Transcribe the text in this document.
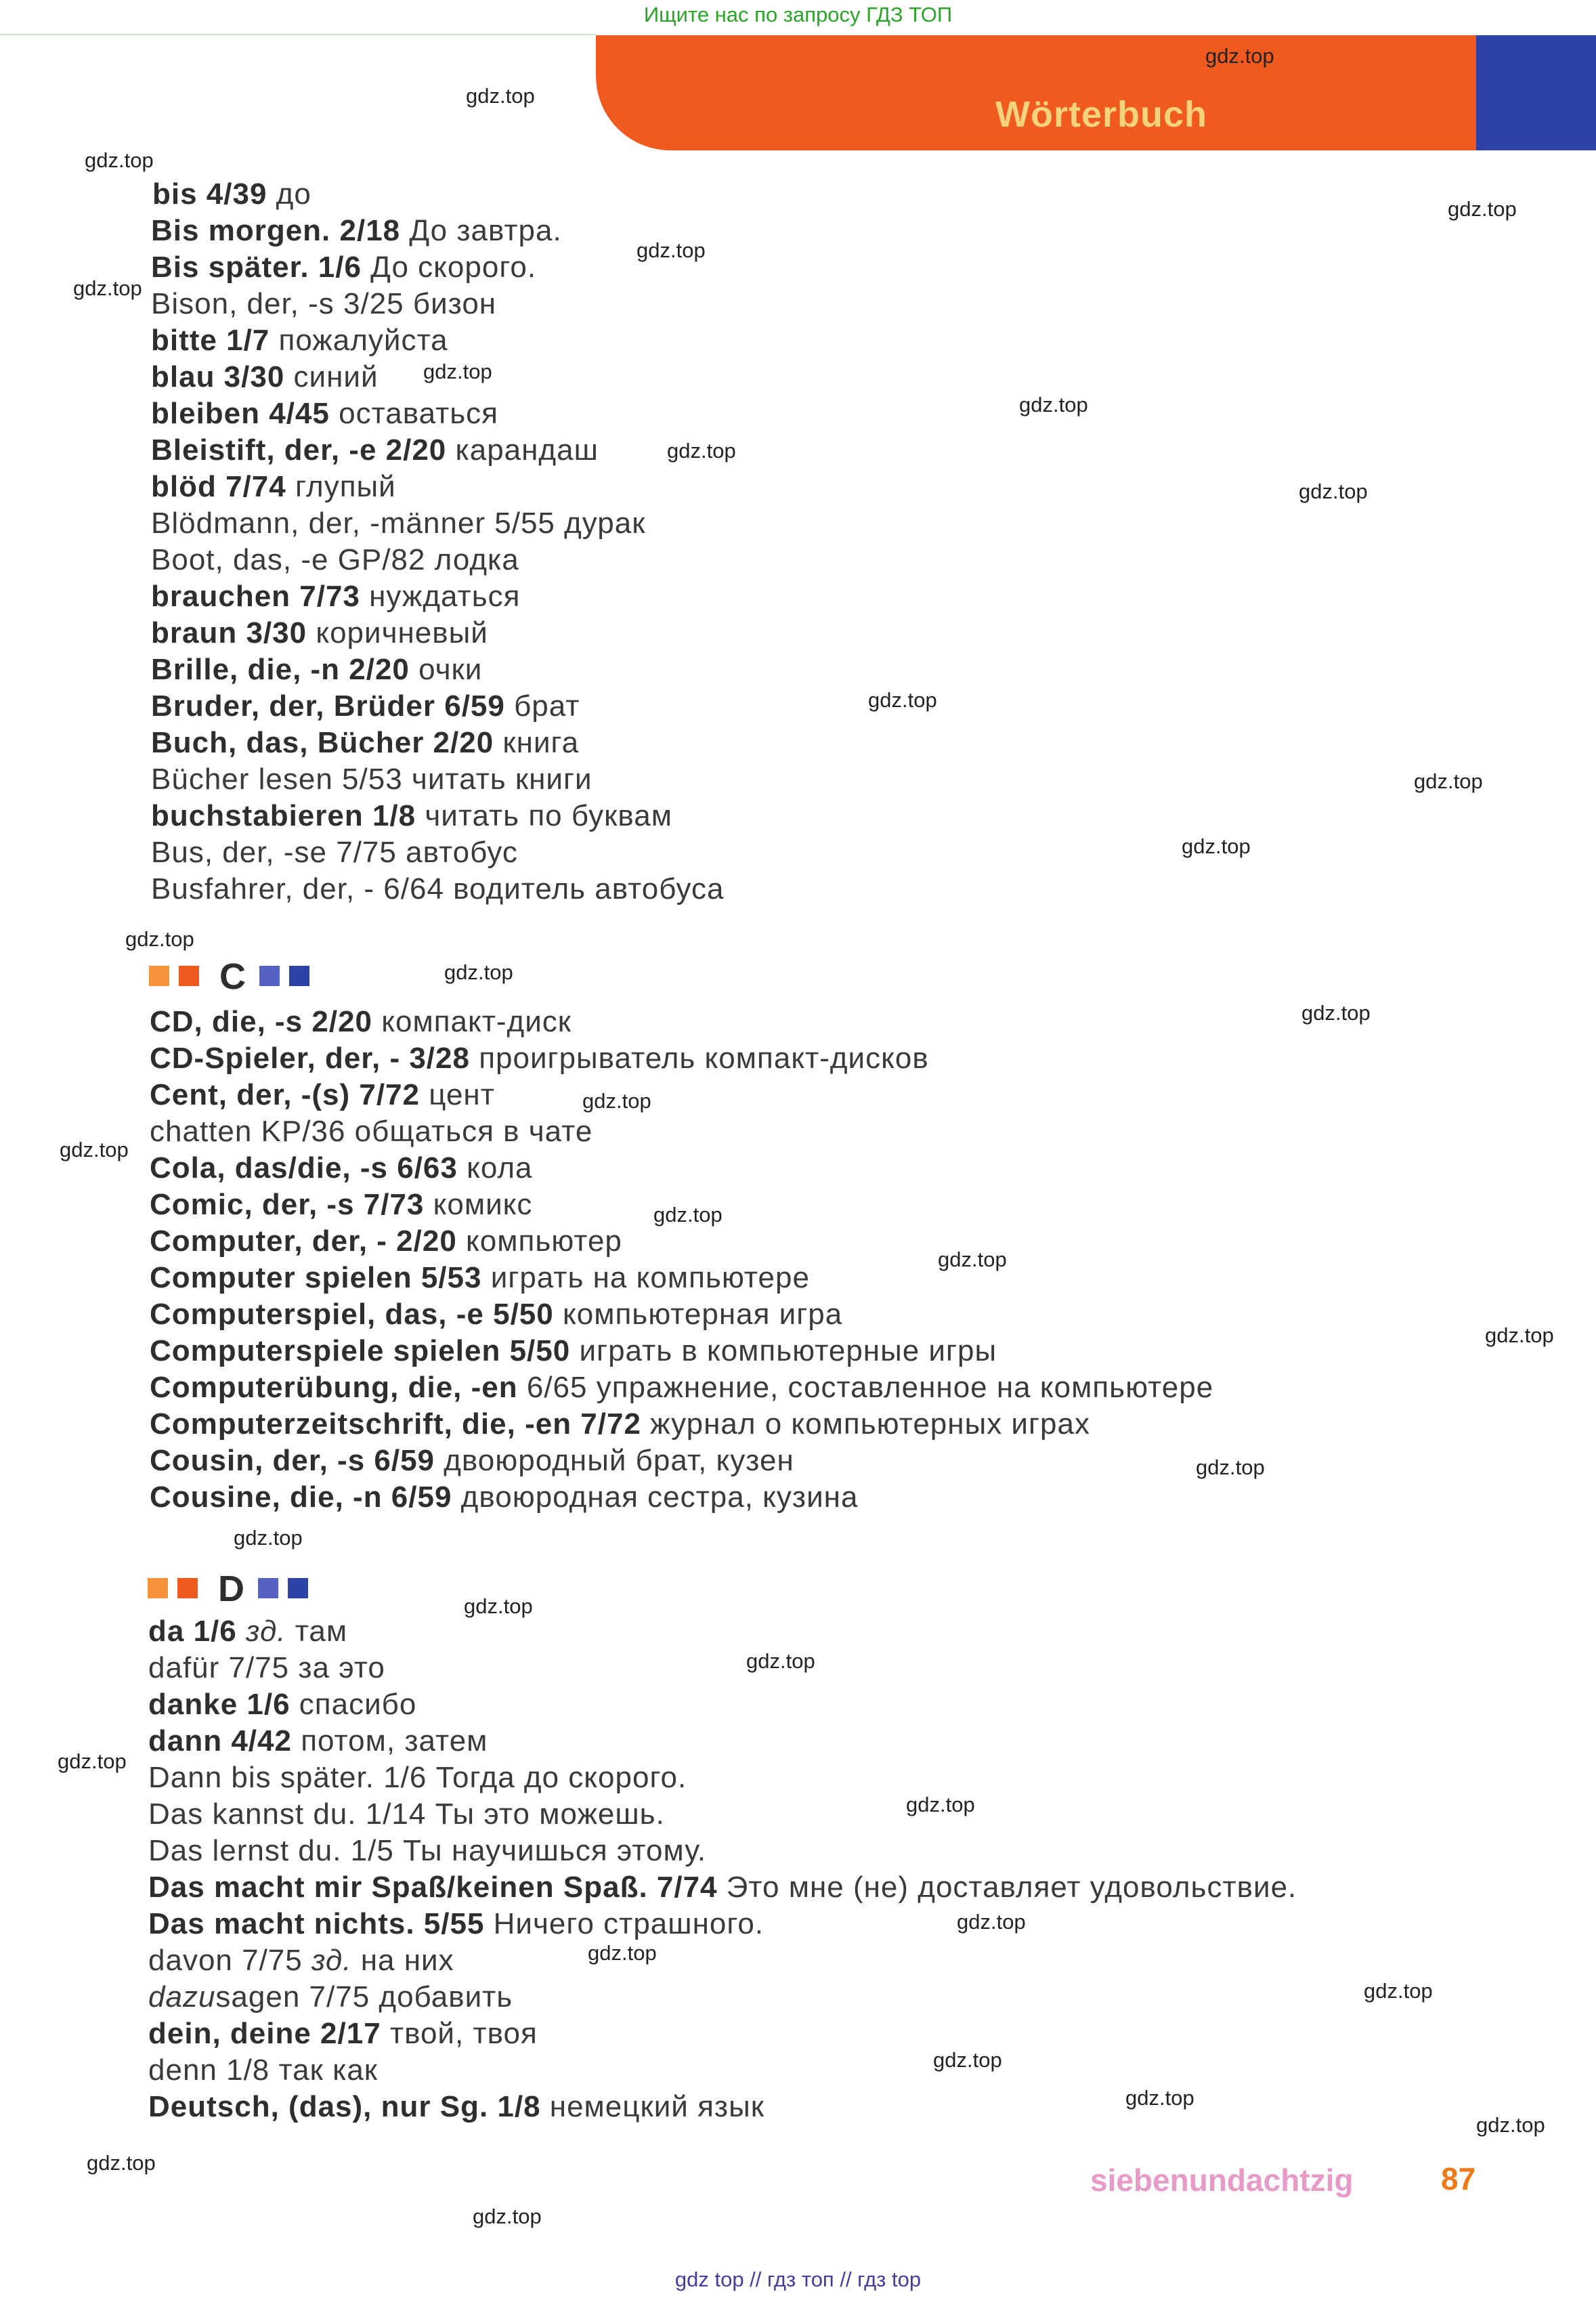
Ищите нас по запросу ГДЗ ТОП
Wörterbuch
bis 4/39 до
Bis morgen. 2/18 До завтра.
Bis später. 1/6 До скорого.
Bison, der, -s 3/25 бизон
bitte 1/7 пожалуйста
blau 3/30 синий
bleiben 4/45 оставаться
Bleistift, der, -e 2/20 карандаш
blöd 7/74 глупый
Blödmann, der, -männer 5/55 дурак
Boot, das, -e GP/82 лодка
brauchen 7/73 нуждаться
braun 3/30 коричневый
Brille, die, -n 2/20 очки
Bruder, der, Brüder 6/59 брат
Buch, das, Bücher 2/20 книга
Bücher lesen 5/53 читать книги
buchstabieren 1/8 читать по буквам
Bus, der, -se 7/75 автобус
Busfahrer, der, - 6/64 водитель автобуса
CD, die, -s 2/20 компакт-диск
CD-Spieler, der, - 3/28 проигрыватель компакт-дисков
Cent, der, -(s) 7/72 цент
chatten KP/36 общаться в чате
Cola, das/die, -s 6/63 кола
Comic, der, -s 7/73 комикс
Computer, der, - 2/20 компьютер
Computer spielen 5/53 играть на компьютере
Computerspiel, das, -e 5/50 компьютерная игра
Computerspiele spielen 5/50 играть в компьютерные игры
Computerübung, die, -en 6/65 упражнение, составленное на компьютере
Computerzeitschrift, die, -en 7/72 журнал о компьютерных играх
Cousin, der, -s 6/59 двоюродный брат, кузен
Cousine, die, -n 6/59 двоюродная сестра, кузина
da 1/6 зд. там
dafür 7/75 за это
danke 1/6 спасибо
dann 4/42 потом, затем
Dann bis später. 1/6 Тогда до скорого.
Das kannst du. 1/14 Ты это можешь.
Das lernst du. 1/5 Ты научишься этому.
Das macht mir Spaß/keinen Spaß. 7/74 Это мне (не) доставляет удовольствие.
Das macht nichts. 5/55 Ничего страшного.
davon 7/75 зд. на них
dazusagen 7/75 добавить
dein, deine 2/17 твой, твоя
denn 1/8 так как
Deutsch, (das), nur Sg. 1/8 немецкий язык
C
D
gdz.top
gdz.top
gdz.top
gdz.top
gdz.top
gdz.top
gdz.top
gdz.top
gdz.top
gdz.top
gdz.top
gdz.top
gdz.top
gdz.top
gdz.top
gdz.top
gdz.top
gdz.top
gdz.top
gdz.top
gdz.top
gdz.top
gdz.top
gdz.top
gdz.top
gdz.top
gdz.top
gdz.top
gdz.top
gdz.top
gdz.top
gdz.top
gdz.top
gdz.top
gdz.top
siebenundachtzig	87
gdz top // гдз топ // гдз top
